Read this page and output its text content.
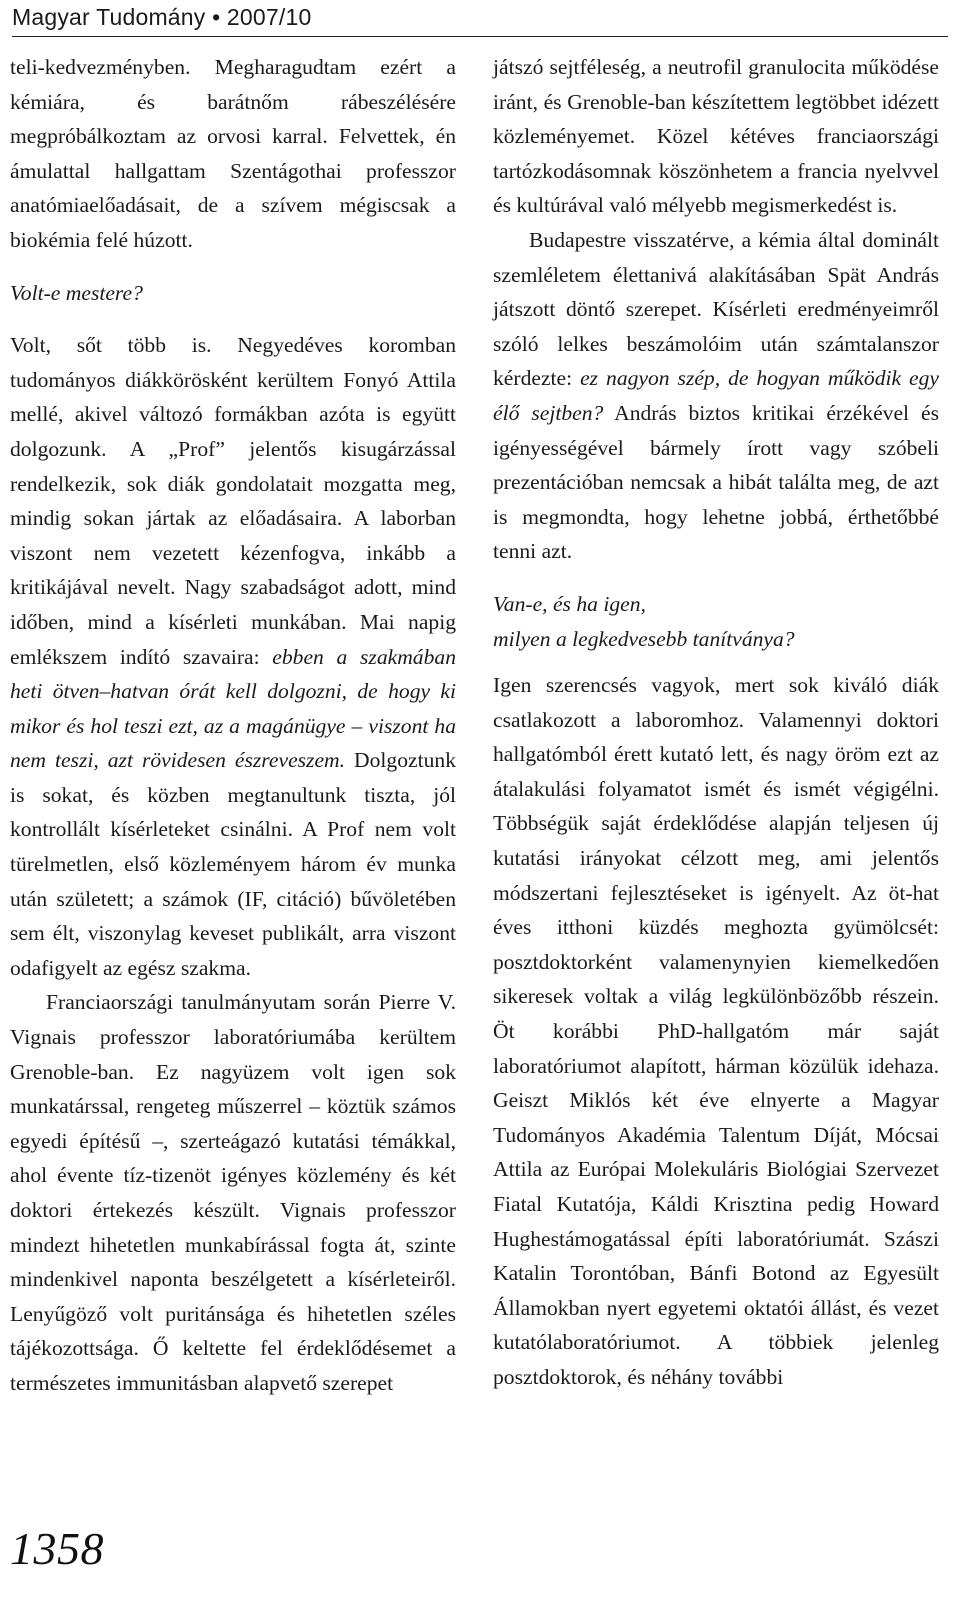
Magyar Tudomány • 2007/10

teli-kedvezményben. Megharagudtam ezért a kémiára, és barátnőm rábeszélésére megpróbálkoztam az orvosi karral. Felvettek, én ámulattal hallgattam Szentágothai professzor anatómiaelőadásait, de a szívem mégiscsak a biokémia felé húzott.

Volt-e mestere?

Volt, sőt több is. Negyedéves koromban tudományos diákkörösként kerültem Fonyó Attila mellé, akivel változó formákban azóta is együtt dolgozunk. A „Prof” jelentős kisugárzással rendelkezik, sok diák gondolatait mozgatta meg, mindig sokan jártak az előadásaira. A laborban viszont nem vezetett kézenfogva, inkább a kritikájával nevelt. Nagy szabadságot adott, mind időben, mind a kísérleti munkában. Mai napig emlékszem indító szavaira: ebben a szakmában heti ötven–hatvan órát kell dolgozni, de hogy ki mikor és hol teszi ezt, az a magánügye – viszont ha nem teszi, azt rövidesen észreveszem. Dolgoztunk is sokat, és közben megtanultunk tiszta, jól kontrollált kísérleteket csinálni. A Prof nem volt türelmetlen, első közleményem három év munka után született; a számok (IF, citáció) bűvöletében sem élt, viszonylag keveset publikált, arra viszont odafigyelt az egész szakma.

Franciaországi tanulmányutam során Pierre V. Vignais professzor laboratóriumába kerültem Grenoble-ban. Ez nagyüzem volt igen sok munkatárssal, rengeteg műszerrel – köztük számos egyedi építésű –, szerteágazó kutatási témákkal, ahol évente tíz-tizenöt igényes közlemény és két doktori értekezés készült. Vignais professzor mindezt hihetetlen munkabírással fogta át, szinte mindenkivel naponta beszélgetett a kísérleteiről. Lenyűgöző volt puritánsága és hihetetlen széles tájékozottsága. Ő keltette fel érdeklődésemet a természetes immunitásban alapvető szerepet

játszó sejtféleség, a neutrofil granulocita működése iránt, és Grenoble-ban készítettem legtöbbet idézett közleményemet. Közel kétéves franciaországi tartózkodásomnak köszönhetem a francia nyelvvel és kultúrával való mélyebb megismerkedést is.

Budapestre visszatérve, a kémia által dominált szemléletem élettanivá alakításában Spät András játszott döntő szerepet. Kísérleti eredményeimről szóló lelkes beszámolóim után számtalanszor kérdezte: ez nagyon szép, de hogyan működik egy élő sejtben? András biztos kritikai érzékével és igényességével bármely írott vagy szóbeli prezentációban nemcsak a hibát találta meg, de azt is megmondta, hogy lehetne jobbá, érthetőbbé tenni azt.

Van-e, és ha igen,
milyen a legkedvesebb tanítványa?

Igen szerencsés vagyok, mert sok kiváló diák csatlakozott a laboromhoz. Valamennyi doktori hallgatómból érett kutató lett, és nagy öröm ezt az átalakulási folyamatot ismét és ismét végigélni. Többségük saját érdeklődése alapján teljesen új kutatási irányokat célzott meg, ami jelentős módszertani fejlesztéseket is igényelt. Az öt-hat éves itthoni küzdés meghozta gyümölcsét: posztdoktorként valamenynyien kiemelkedően sikeresek voltak a világ legkülönbözőbb részein. Öt korábbi PhD-hallgatóm már saját laboratóriumot alapított, hárman közülük idehaza. Geiszt Miklós két éve elnyerte a Magyar Tudományos Akadémia Talentum Díját, Mócsai Attila az Európai Molekuláris Biológiai Szervezet Fiatal Kutatója, Káldi Krisztina pedig Howard Hughestámogatással építi laboratóriumát. Szászi Katalin Torontóban, Bánfi Botond az Egyesült Államokban nyert egyetemi oktatói állást, és vezet kutatólaboratóriumot. A többiek jelenleg posztdoktorok, és néhány további

1358
